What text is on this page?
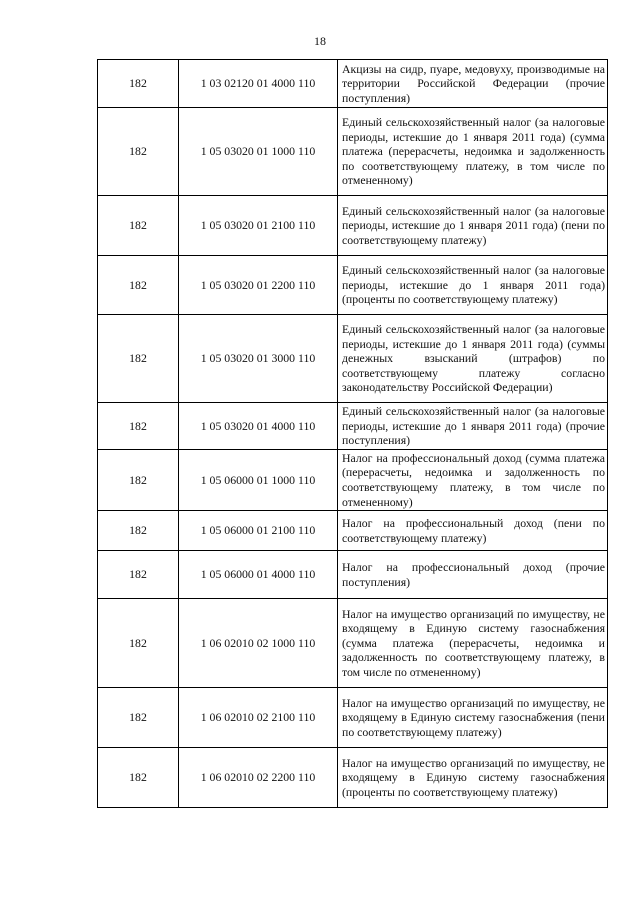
18
182	1 03 02120 01 4000 110	Акцизы на сидр, пуаре, медовуху, производимые на территории Российской Федерации (прочие поступления)
182	1 05 03020 01 1000 110	Единый сельскохозяйственный налог (за налоговые периоды, истекшие до 1 января 2011 года) (сумма платежа (перерасчеты, недоимка и задолженность по соответствующему платежу, в том числе по отмененному)
182	1 05 03020 01 2100 110	Единый сельскохозяйственный налог (за налоговые периоды, истекшие до 1 января 2011 года) (пени по соответствующему платежу)
182	1 05 03020 01 2200 110	Единый сельскохозяйственный налог (за налоговые периоды, истекшие до 1 января 2011 года) (проценты по соответствующему платежу)
182	1 05 03020 01 3000 110	Единый сельскохозяйственный налог (за налоговые периоды, истекшие до 1 января 2011 года) (суммы денежных взысканий (штрафов) по соответствующему платежу согласно законодательству Российской Федерации)
182	1 05 03020 01 4000 110	Единый сельскохозяйственный налог (за налоговые периоды, истекшие до 1 января 2011 года) (прочие поступления)
182	1 05 06000 01 1000 110	Налог на профессиональный доход (сумма платежа (перерасчеты, недоимка и задолженность по соответствующему платежу, в том числе по отмененному)
182	1 05 06000 01 2100 110	Налог на профессиональный доход (пени по соответствующему платежу)
182	1 05 06000 01 4000 110	Налог на профессиональный доход (прочие поступления)
182	1 06 02010 02 1000 110	Налог на имущество организаций по имуществу, не входящему в Единую систему газоснабжения (сумма платежа (перерасчеты, недоимка и задолженность по соответствующему платежу, в том числе по отмененному)
182	1 06 02010 02 2100 110	Налог на имущество организаций по имуществу, не входящему в Единую систему газоснабжения (пени по соответствующему платежу)
182	1 06 02010 02 2200 110	Налог на имущество организаций по имуществу, не входящему в Единую систему газоснабжения (проценты по соответствующему платежу)
